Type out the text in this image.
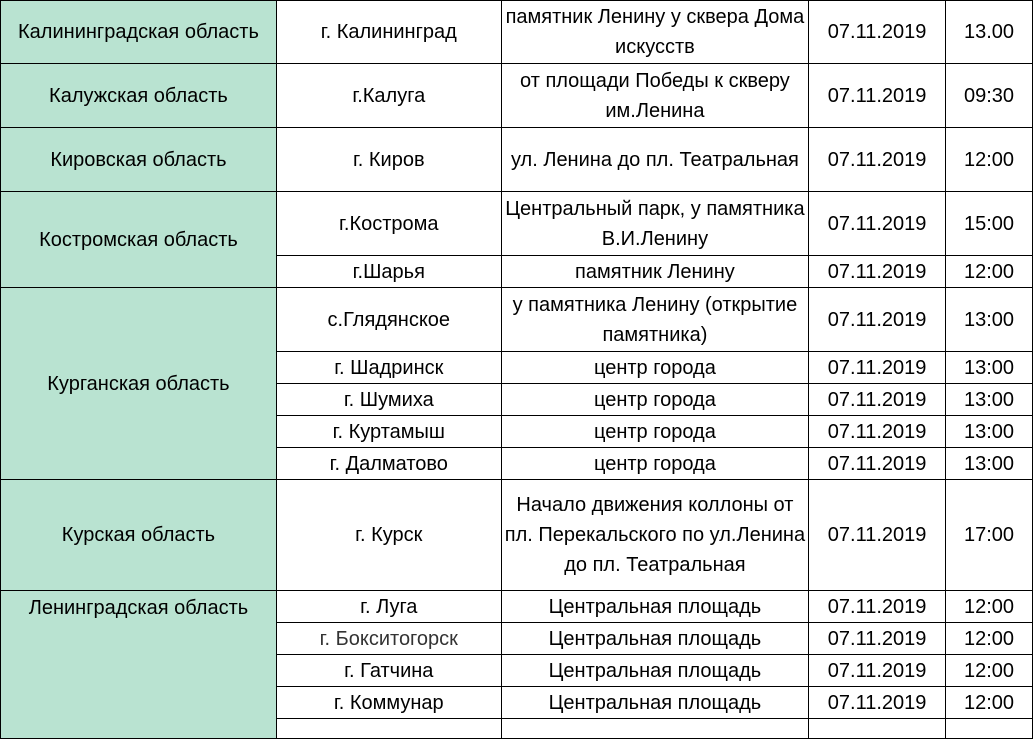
Калининградская область	г. Калининград	памятник Ленину у сквера Дома искусств	07.11.2019	13.00
Калужская область	г.Калуга	от площади Победы к скверу им.Ленина	07.11.2019	09:30
Кировская область	г. Киров	ул. Ленина до пл. Театральная	07.11.2019	12:00
Костромская область	г.Кострома	Центральный парк, у памятника В.И.Ленину	07.11.2019	15:00
	г.Шарья	памятник Ленину	07.11.2019	12:00
Курганская область	с.Глядянское	у памятника Ленину (открытие памятника)	07.11.2019	13:00
	г. Шадринск	центр города	07.11.2019	13:00
	г. Шумиха	центр города	07.11.2019	13:00
	г. Куртамыш	центр города	07.11.2019	13:00
	г. Далматово	центр города	07.11.2019	13:00
Курская область	г. Курск	Начало движения коллоны от пл. Перекальского по ул.Ленина до пл. Театральная	07.11.2019	17:00
Ленинградская область	г. Луга	Центральная площадь	07.11.2019	12:00
	г. Бокситогорск	Центральная площадь	07.11.2019	12:00
	г. Гатчина	Центральная площадь	07.11.2019	12:00
	г. Коммунар	Центральная площадь	07.11.2019	12:00
